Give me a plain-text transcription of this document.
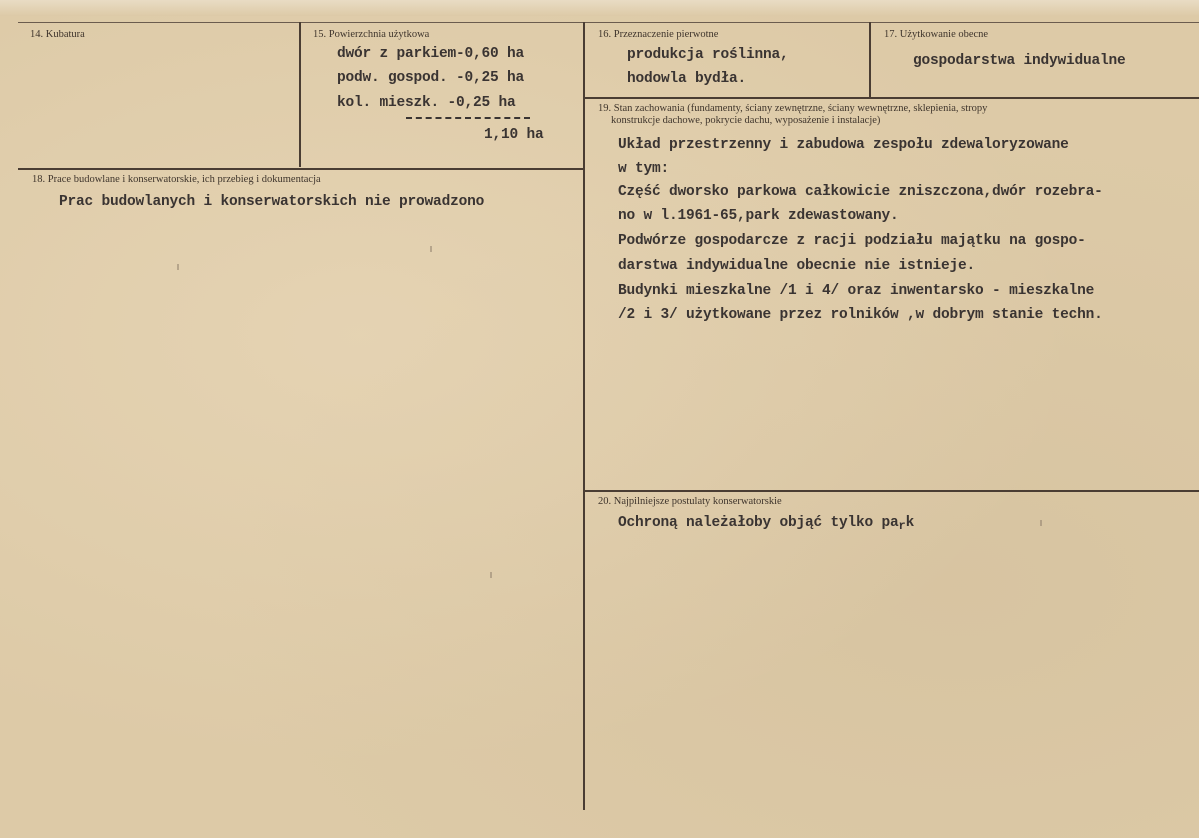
14. Kubatura	15. Powierzchnia użytkowa
dwór z parkiem-0,60 ha
podw. gospod. -0,25 ha
kol. mieszk. -0,25 ha
1,10 ha
16. Przeznaczenie pierwotne
produkcja roślinna,
hodowla bydła.
17. Użytkowanie obecne
gospodarstwa indywidualne
18. Prace budowlane i konserwatorskie, ich przebieg i dokumentacja
Prac budowlanych i konserwatorskich nie prowadzono
19. Stan zachowania (fundamenty, ściany zewnętrzne, ściany wewnętrzne, sklepienia, stropy
konstrukcje dachowe, pokrycie dachu, wyposażenie i instalacje)
Układ przestrzenny i zabudowa zespołu zdewaloryzowane
w tym:
Część dworsko parkowa całkowicie zniszczona,dwór rozebra-
no w l.1961-65,park zdewastowany.
Podwórze gospodarcze z racji podziału majątku na gospo-
darstwa indywidualne obecnie nie istnieje.
Budynki mieszkalne /1 i 4/ oraz inwentarsko - mieszkalne
/2 i 3/ użytkowane przez rolników ,w dobrym stanie techn.
20. Najpilniejsze postulaty konserwatorskie
Ochroną należałoby objąć tylko $pa_rk$
